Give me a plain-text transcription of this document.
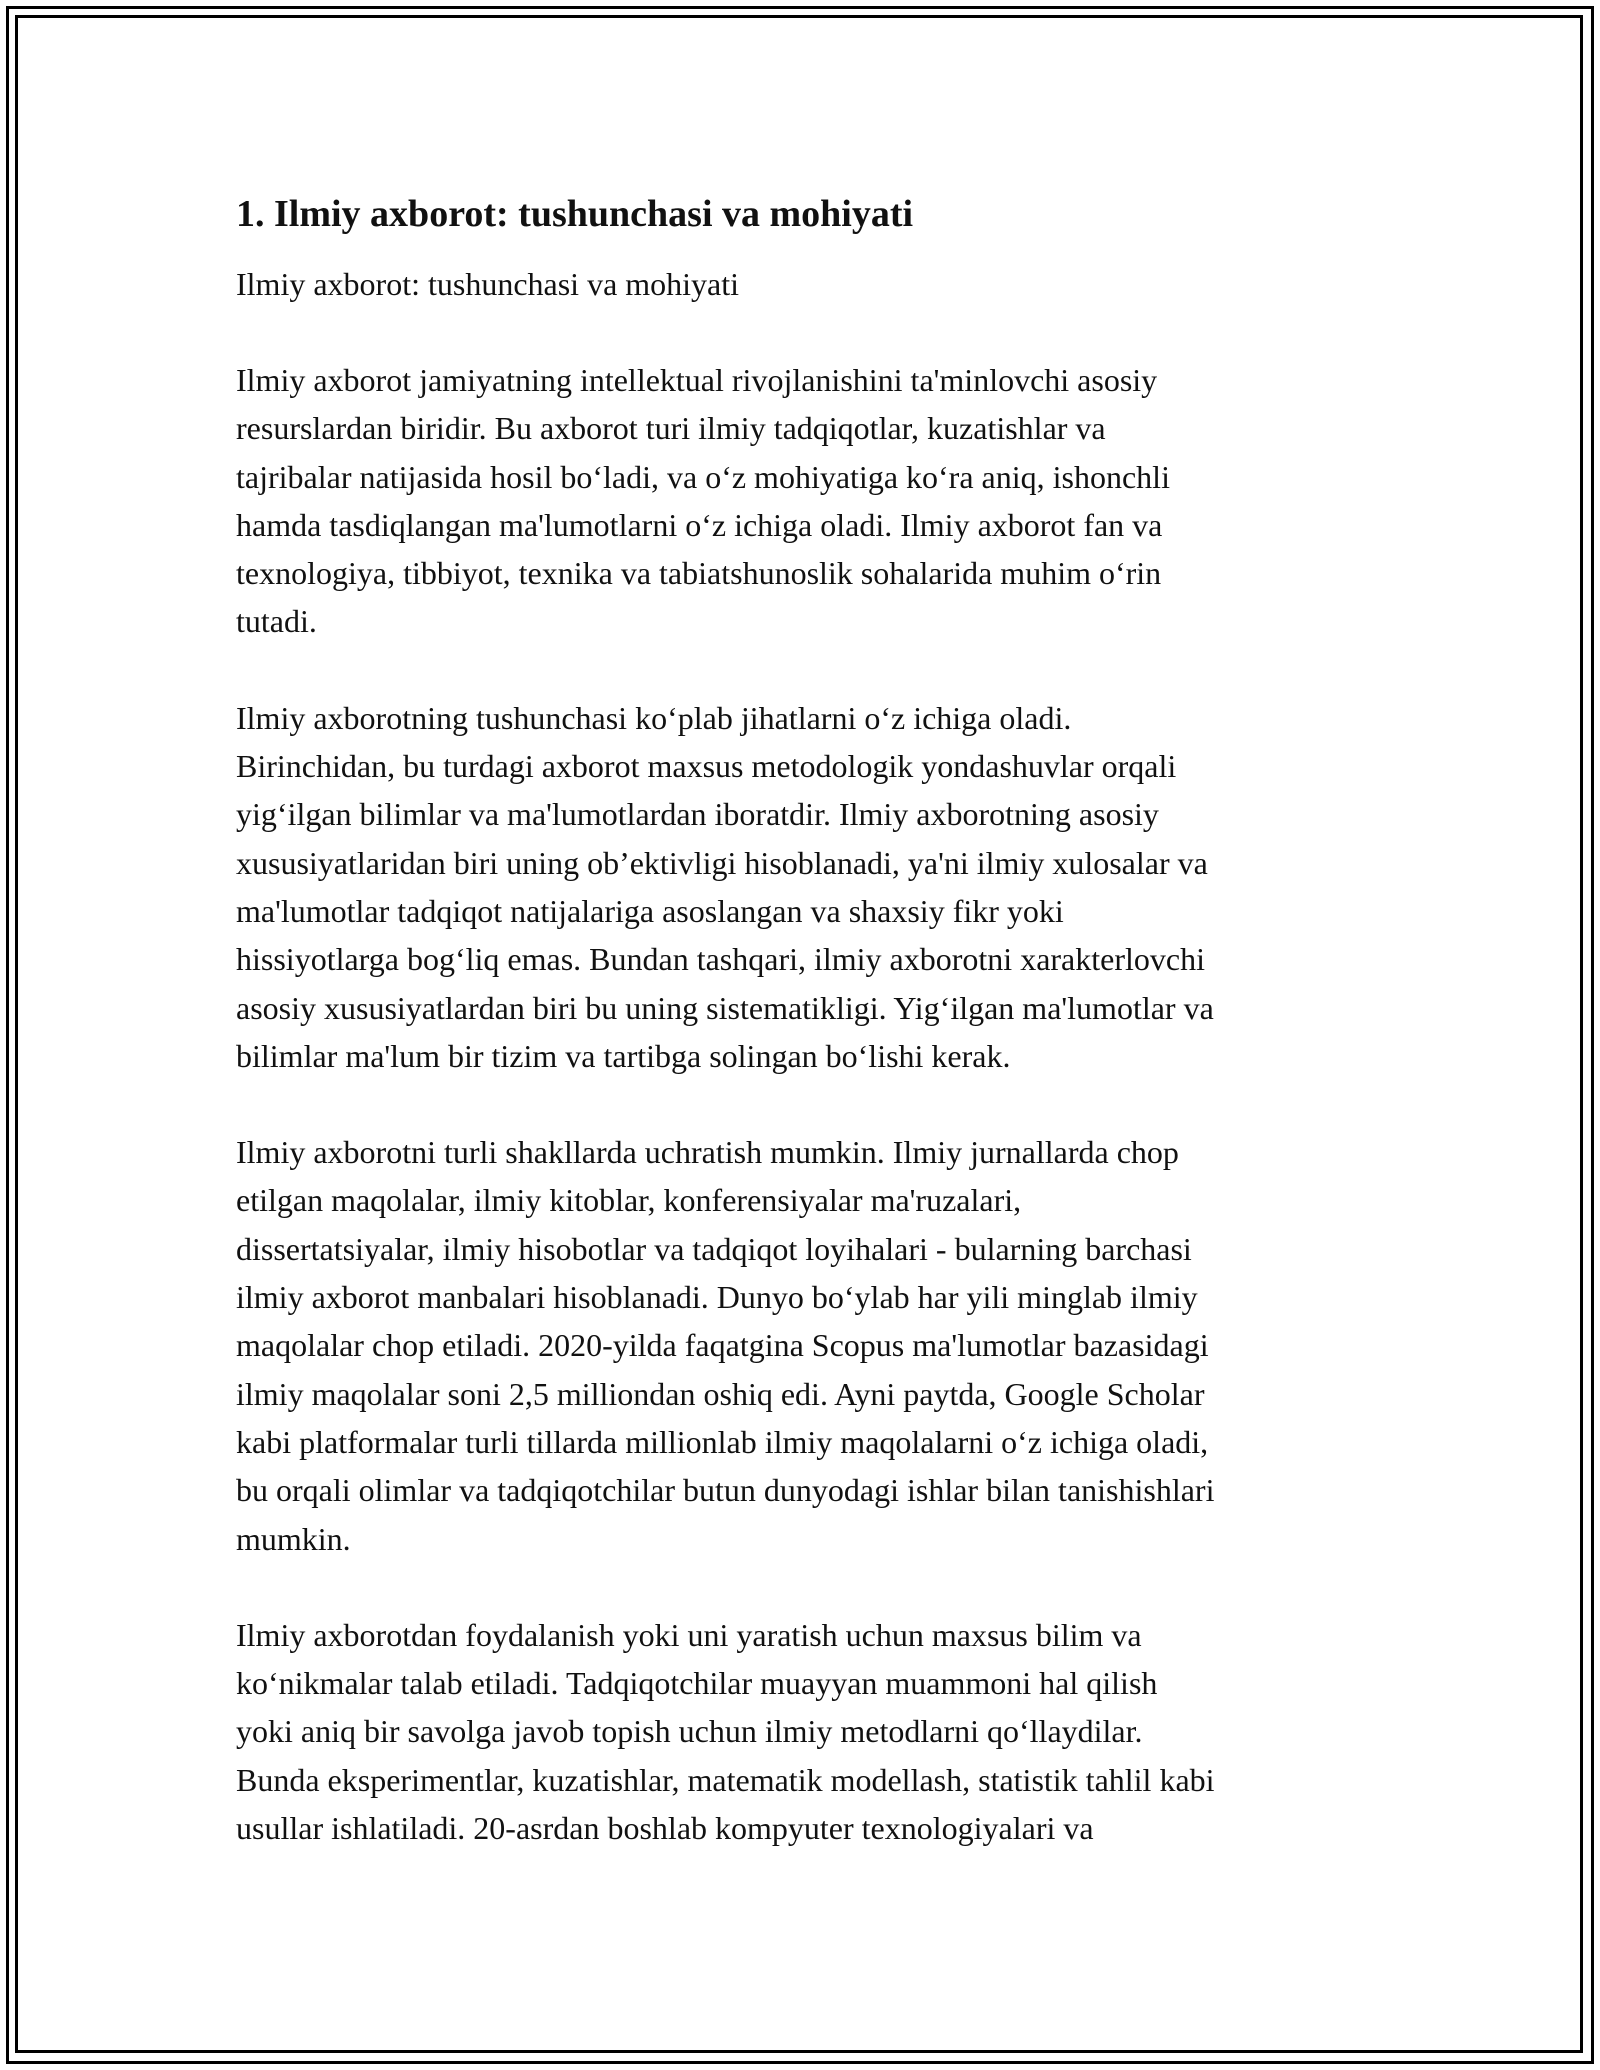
1. Ilmiy axborot: tushunchasi va mohiyati

Ilmiy axborot: tushunchasi va mohiyati

Ilmiy axborot jamiyatning intellektual rivojlanishini ta'minlovchi asosiy
resurslardan biridir. Bu axborot turi ilmiy tadqiqotlar, kuzatishlar va
tajribalar natijasida hosil bo‘ladi, va o‘z mohiyatiga ko‘ra aniq, ishonchli
hamda tasdiqlangan ma'lumotlarni o‘z ichiga oladi. Ilmiy axborot fan va
texnologiya, tibbiyot, texnika va tabiatshunoslik sohalarida muhim o‘rin
tutadi.

Ilmiy axborotning tushunchasi ko‘plab jihatlarni o‘z ichiga oladi.
Birinchidan, bu turdagi axborot maxsus metodologik yondashuvlar orqali
yig‘ilgan bilimlar va ma'lumotlardan iboratdir. Ilmiy axborotning asosiy
xususiyatlaridan biri uning ob’ektivligi hisoblanadi, ya'ni ilmiy xulosalar va
ma'lumotlar tadqiqot natijalariga asoslangan va shaxsiy fikr yoki
hissiyotlarga bog‘liq emas. Bundan tashqari, ilmiy axborotni xarakterlovchi
asosiy xususiyatlardan biri bu uning sistematikligi. Yig‘ilgan ma'lumotlar va
bilimlar ma'lum bir tizim va tartibga solingan bo‘lishi kerak.

Ilmiy axborotni turli shakllarda uchratish mumkin. Ilmiy jurnallarda chop
etilgan maqolalar, ilmiy kitoblar, konferensiyalar ma'ruzalari,
dissertatsiyalar, ilmiy hisobotlar va tadqiqot loyihalari - bularning barchasi
ilmiy axborot manbalari hisoblanadi. Dunyo bo‘ylab har yili minglab ilmiy
maqolalar chop etiladi. 2020-yilda faqatgina Scopus ma'lumotlar bazasidagi
ilmiy maqolalar soni 2,5 milliondan oshiq edi. Ayni paytda, Google Scholar
kabi platformalar turli tillarda millionlab ilmiy maqolalarni o‘z ichiga oladi,
bu orqali olimlar va tadqiqotchilar butun dunyodagi ishlar bilan tanishishlari
mumkin.

Ilmiy axborotdan foydalanish yoki uni yaratish uchun maxsus bilim va
ko‘nikmalar talab etiladi. Tadqiqotchilar muayyan muammoni hal qilish
yoki aniq bir savolga javob topish uchun ilmiy metodlarni qo‘llaydilar.
Bunda eksperimentlar, kuzatishlar, matematik modellash, statistik tahlil kabi
usullar ishlatiladi. 20-asrdan boshlab kompyuter texnologiyalari va
